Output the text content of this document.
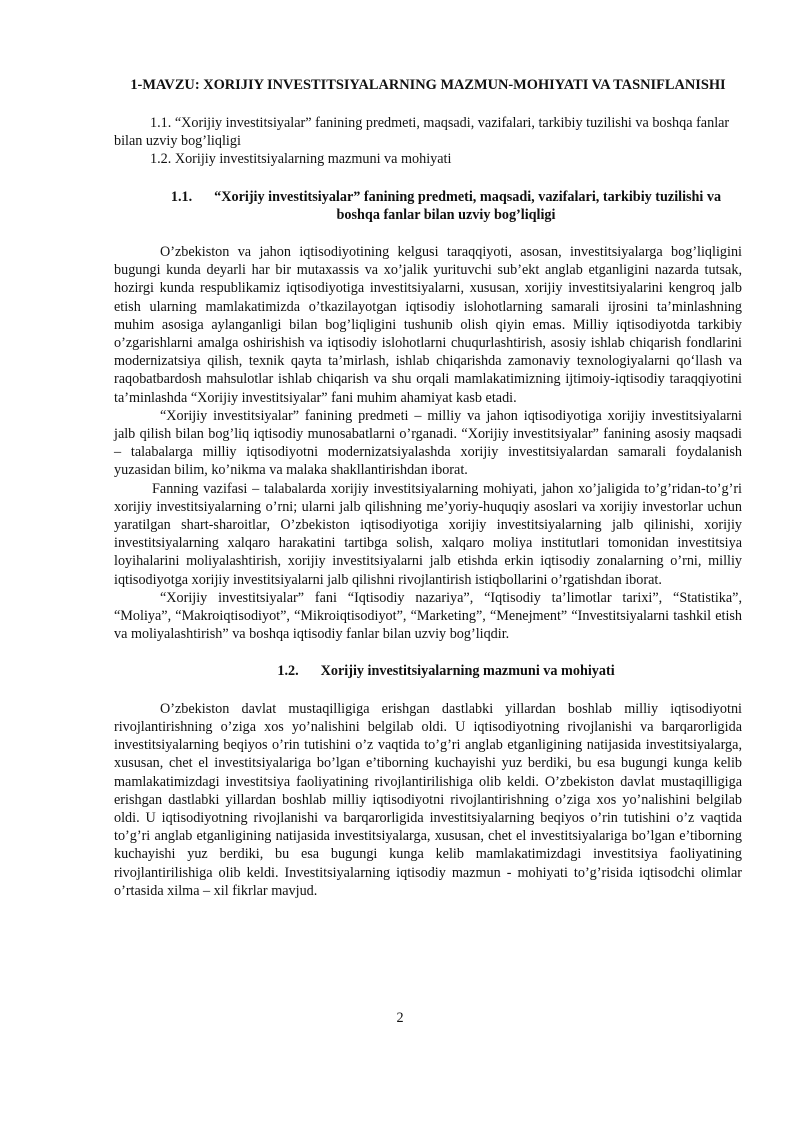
1-MAVZU: XORIJIY INVESTITSIYALARNING MAZMUN-MOHIYATI VA TASNIFLANISHI

1.1. “Xorijiy investitsiyalar” fanining predmeti, maqsadi, vazifalari, tarkibiy tuzilishi va boshqa fanlar bilan uzviy bog’liqligi

1.2. Xorijiy investitsiyalarning mazmuni va mohiyati

1.1. “Xorijiy investitsiyalar” fanining predmeti, maqsadi, vazifalari, tarkibiy tuzilishi va boshqa fanlar bilan uzviy bog’liqligi

O’zbekiston va jahon iqtisodiyotining kelgusi taraqqiyoti, asosan, investitsiyalarga bog’liqligini bugungi kunda deyarli har bir mutaxassis va xo’jalik yurituvchi sub’ekt anglab etganligini nazarda tutsak, hozirgi kunda respublikamiz iqtisodiyotiga investitsiyalarni, xususan, xorijiy investitsiyalarini kengroq jalb etish ularning mamlakatimizda o’tkazilayotgan iqtisodiy islohotlarning samarali ijrosini ta’minlashning muhim asosiga aylanganligi bilan bog’liqligini tushunib olish qiyin emas. Milliy iqtisodiyotda tarkibiy o’zgarishlarni amalga oshirishish va iqtisodiy islohotlarni chuqurlashtirish, asosiy ishlab chiqarish fondlarini modernizatsiya qilish, texnik qayta ta’mirlash, ishlab chiqarishda zamonaviy texnologiyalarni qo‘llash va raqobatbardosh mahsulotlar ishlab chiqarish va shu orqali mamlakatimizning ijtimoiy-iqtisodiy taraqqiyotini ta’minlashda “Xorijiy investitsiyalar” fani muhim ahamiyat kasb etadi.

“Xorijiy investitsiyalar” fanining predmeti – milliy va jahon iqtisodiyotiga xorijiy investitsiyalarni jalb qilish bilan bog’liq iqtisodiy munosabatlarni o’rganadi. “Xorijiy investitsiyalar” fanining asosiy maqsadi – talabalarga milliy iqtisodiyotni modernizatsiyalashda xorijiy investitsiyalardan samarali foydalanish yuzasidan bilim, ko’nikma va malaka shakllantirishdan iborat.

Fanning vazifasi – talabalarda xorijiy investitsiyalarning mohiyati, jahon xo’jaligida to’g’ridan-to’g’ri xorijiy investitsiyalarning o’rni; ularni jalb qilishning me’yoriy-huquqiy asoslari va xorijiy investorlar uchun yaratilgan shart-sharoitlar, O’zbekiston iqtisodiyotiga xorijiy investitsiyalarning jalb qilinishi, xorijiy investitsiyalarning xalqaro harakatini tartibga solish, xalqaro moliya institutlari tomonidan investitsiya loyihalarini moliyalashtirish, xorijiy investitsiyalarni jalb etishda erkin iqtisodiy zonalarning o’rni, milliy iqtisodiyotga xorijiy investitsiyalarni jalb qilishni rivojlantirish istiqbollarini o’rgatishdan iborat.

“Xorijiy investitsiyalar” fani “Iqtisodiy nazariya”, “Iqtisodiy ta’limotlar tarixi”, “Statistika”, “Moliya”, “Makroiqtisodiyot”, “Mikroiqtisodiyot”, “Marketing”, “Menejment” “Investitsiyalarni tashkil etish va moliyalashtirish” va boshqa iqtisodiy fanlar bilan uzviy bog’liqdir.

1.2. Xorijiy investitsiyalarning mazmuni va mohiyati

O’zbekiston davlat mustaqilligiga erishgan dastlabki yillardan boshlab milliy iqtisodiyotni rivojlantirishning o’ziga xos yo’nalishini belgilab oldi. U iqtisodiyotning rivojlanishi va barqarorligida investitsiyalarning beqiyos o’rin tutishini o’z vaqtida to’g’ri anglab etganligining natijasida investitsiyalarga, xususan, chet el investitsiyalariga bo’lgan e’tiborning kuchayishi yuz berdiki, bu esa bugungi kunga kelib mamlakatimizdagi investitsiya faoliyatining rivojlantirilishiga olib keldi. O’zbekiston davlat mustaqilligiga erishgan dastlabki yillardan boshlab milliy iqtisodiyotni rivojlantirishning o’ziga xos yo’nalishini belgilab oldi. U iqtisodiyotning rivojlanishi va barqarorligida investitsiyalarning beqiyos o’rin tutishini o’z vaqtida to’g’ri anglab etganligining natijasida investitsiyalarga, xususan, chet el investitsiyalariga bo’lgan e’tiborning kuchayishi yuz berdiki, bu esa bugungi kunga kelib mamlakatimizdagi investitsiya faoliyatining rivojlantirilishiga olib keldi. Investitsiyalarning iqtisodiy mazmun - mohiyati to’g’risida iqtisodchi olimlar o’rtasida xilma – xil fikrlar mavjud.

2
